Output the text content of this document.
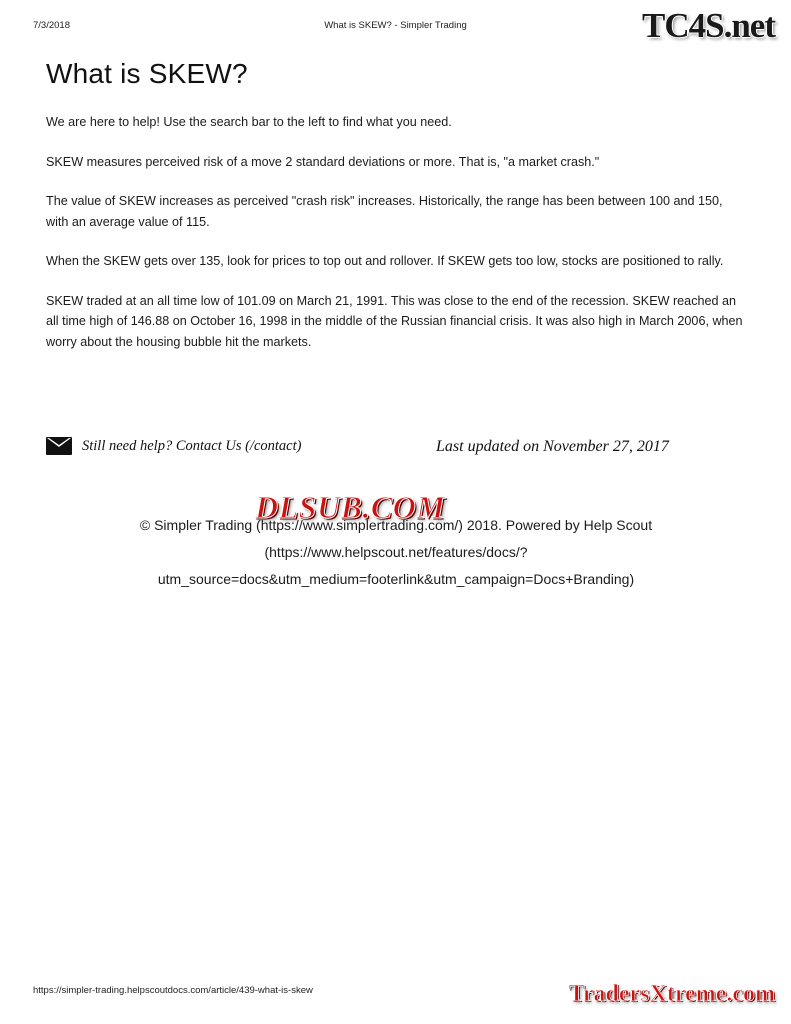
7/3/2018	What is SKEW? - Simpler Trading	TC4S.net
What is SKEW?

We are here to help! Use the search bar to the left to find what you need.

SKEW measures perceived risk of a move 2 standard deviations or more. That is, "a market crash."

The value of SKEW increases as perceived "crash risk" increases. Historically, the range has been between 100 and 150, with an average value of 115.

When the SKEW gets over 135, look for prices to top out and rollover. If SKEW gets too low, stocks are positioned to rally.

SKEW traded at an all time low of 101.09 on March 21, 1991. This was close to the end of the recession. SKEW reached an all time high of 146.88 on October 16, 1998 in the middle of the Russian financial crisis. It was also high in March 2006, when worry about the housing bubble hit the markets.

Still need help? Contact Us (/contact)	Last updated on November 27, 2017
DLSUB.COM
© Simpler Trading (https://www.simplertrading.com/) 2018. Powered by Help Scout
(https://www.helpscout.net/features/docs/?
utm_source=docs&utm_medium=footerlink&utm_campaign=Docs+Branding)
https://simpler-trading.helpscoutdocs.com/article/439-what-is-skew	TradersXtreme.com
